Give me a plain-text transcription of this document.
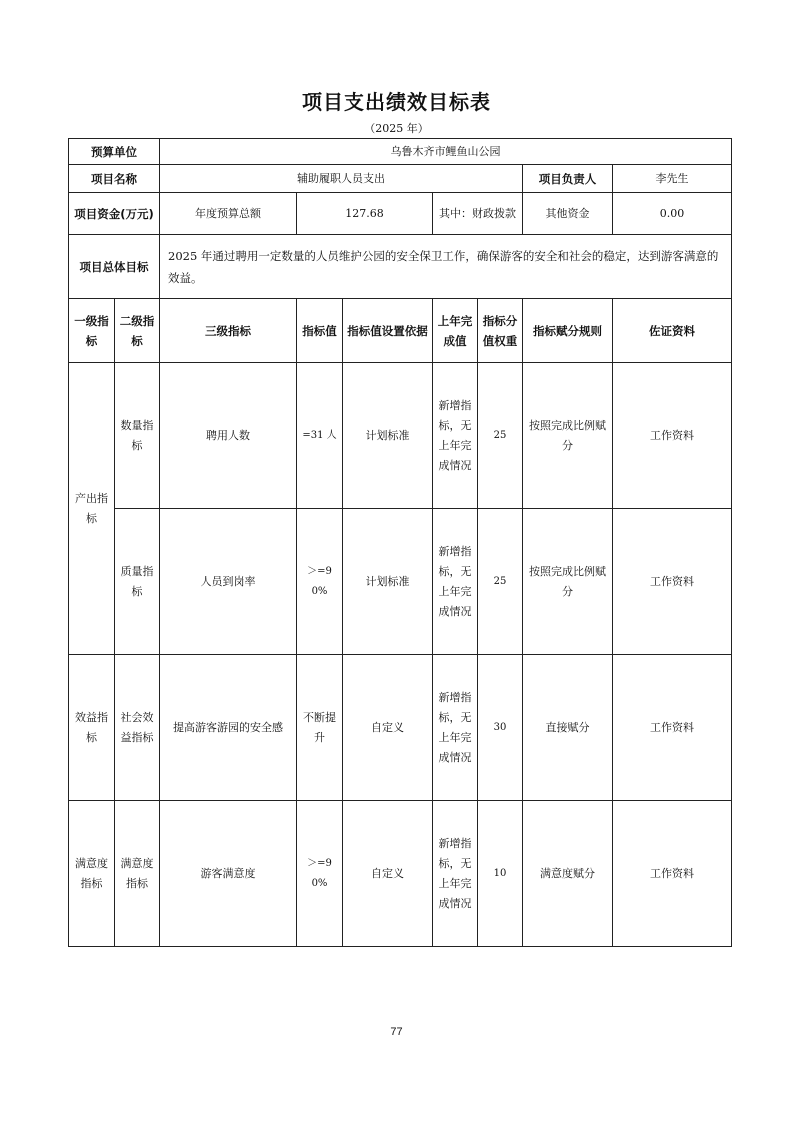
项目支出绩效目标表
（2025 年）
预算单位		乌鲁木齐市鲤鱼山公园						
项目名称		辅助履职人员支出					项目负责人	李先生
项目资金(万元)		年度预算总额	127.68		其中：财政拨款		其他资金	0.00
项目总体目标		2025 年通过聘用一定数量的人员维护公园的安全保卫工作，确保游客的安全和社会的稳定，达到游客满意的效益。						
一级指标	二级指标	三级指标	指标值	指标值设置依据	上年完成值	指标分值权重	指标赋分规则	佐证资料
产出指标	数量指标	聘用人数	=31 人	计划标准	新增指标，无上年完成情况	25	按照完成比例赋分	工作资料
	质量指标	人员到岗率	＞=90%	计划标准	新增指标，无上年完成情况	25	按照完成比例赋分	工作资料
效益指标	社会效益指标	提高游客游园的安全感	不断提升	自定义	新增指标，无上年完成情况	30	直接赋分	工作资料
满意度指标	满意度指标	游客满意度	＞=90%	自定义	新增指标，无上年完成情况	10	满意度赋分	工作资料
77
